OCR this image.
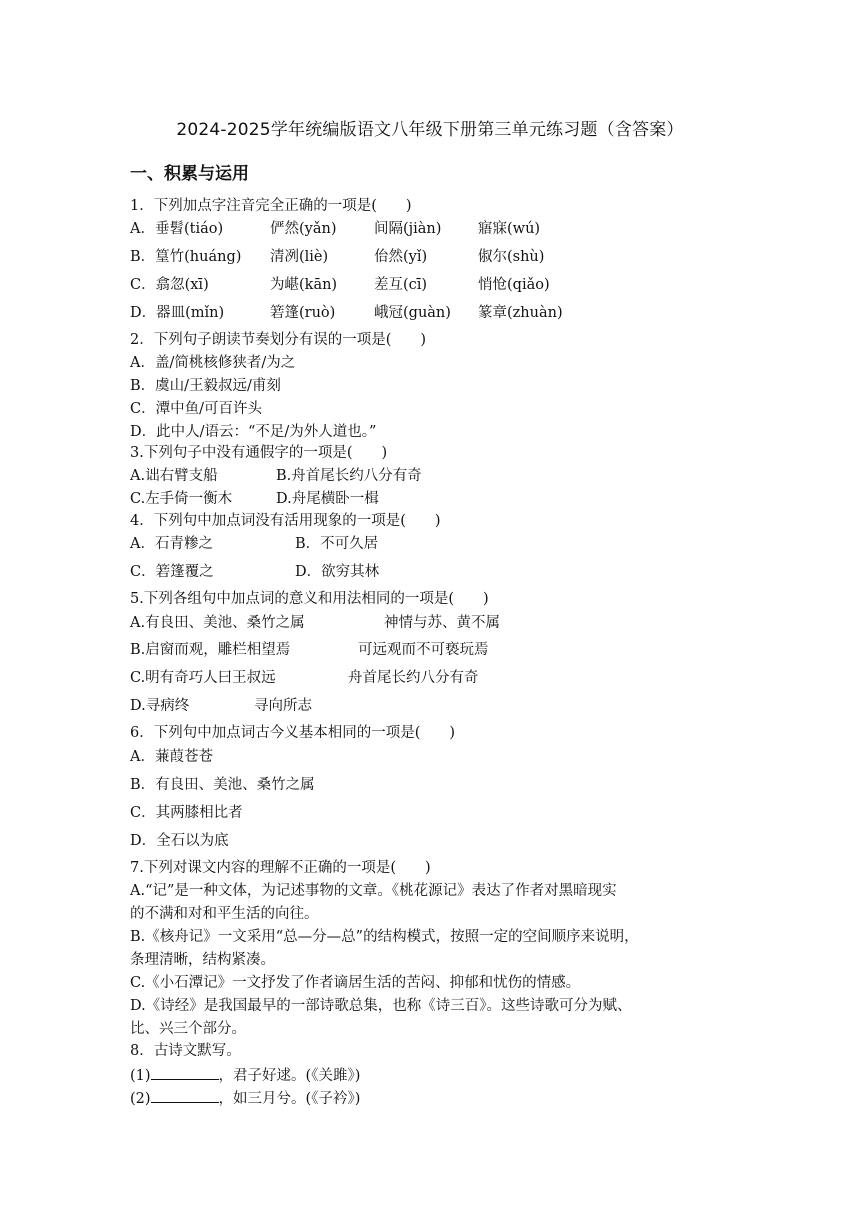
2024-2025学年统编版语文八年级下册第三单元练习题（含答案）
一、积累与运用
1．下列加点字注音完全正确的一项是(　　)
A．垂髫(tiáo)	俨然(yǎn)	间隔(jiàn)	寤寐(wú)
B．篁竹(huáng) 清冽(liè)	佁然(yǐ)	俶尔(shù)
C．翕忽(xī)	为嵁(kān)	差互(cī)	悄怆(qiǎo)
D．器皿(mǐn)	箬篷(ruò)	峨冠(guàn) 篆章(zhuàn)
2．下列句子朗读节奏划分有误的一项是(　　)
A．盖/简桃核修狭者/为之
B．虞山/王毅叔远/甫刻
C．潭中鱼/可百许头
D．此中人/语云：“不足/为外人道也。”
3.下列句子中没有通假字的一项是(　　)
A.诎右臂支船	B.舟首尾长约八分有奇
C.左手倚一衡木	D.舟尾横卧一楫
4．下列句中加点词没有活用现象的一项是(　　)
A．石青糁之	B．不可久居
C．箬篷覆之	D．欲穷其林
5.下列各组句中加点词的意义和用法相同的一项是(　　)
A.有良田、美池、桑竹之属	神情与苏、黄不属
B.启窗而观，雕栏相望焉	可远观而不可亵玩焉
C.明有奇巧人曰王叔远	舟首尾长约八分有奇
D.寻病终	寻向所志
6．下列句中加点词古今义基本相同的一项是(　　)
A．蒹葭苍苍
B．有良田、美池、桑竹之属
C．其两膝相比者
D．全石以为底
7.下列对课文内容的理解不正确的一项是(　　)
A.“记”是一种文体，为记述事物的文章。《桃花源记》表达了作者对黑暗现实
的不满和对和平生活的向往。
B.《核舟记》一文采用“总—分—总”的结构模式，按照一定的空间顺序来说明，
条理清晰，结构紧凑。
C.《小石潭记》一文抒发了作者谪居生活的苦闷、抑郁和忧伤的情感。
D.《诗经》是我国最早的一部诗歌总集，也称《诗三百》。这些诗歌可分为赋、
比、兴三个部分。
8．古诗文默写。
(1)	，君子好逑。(《关雎》)
(2)	，如三月兮。(《子衿》)
